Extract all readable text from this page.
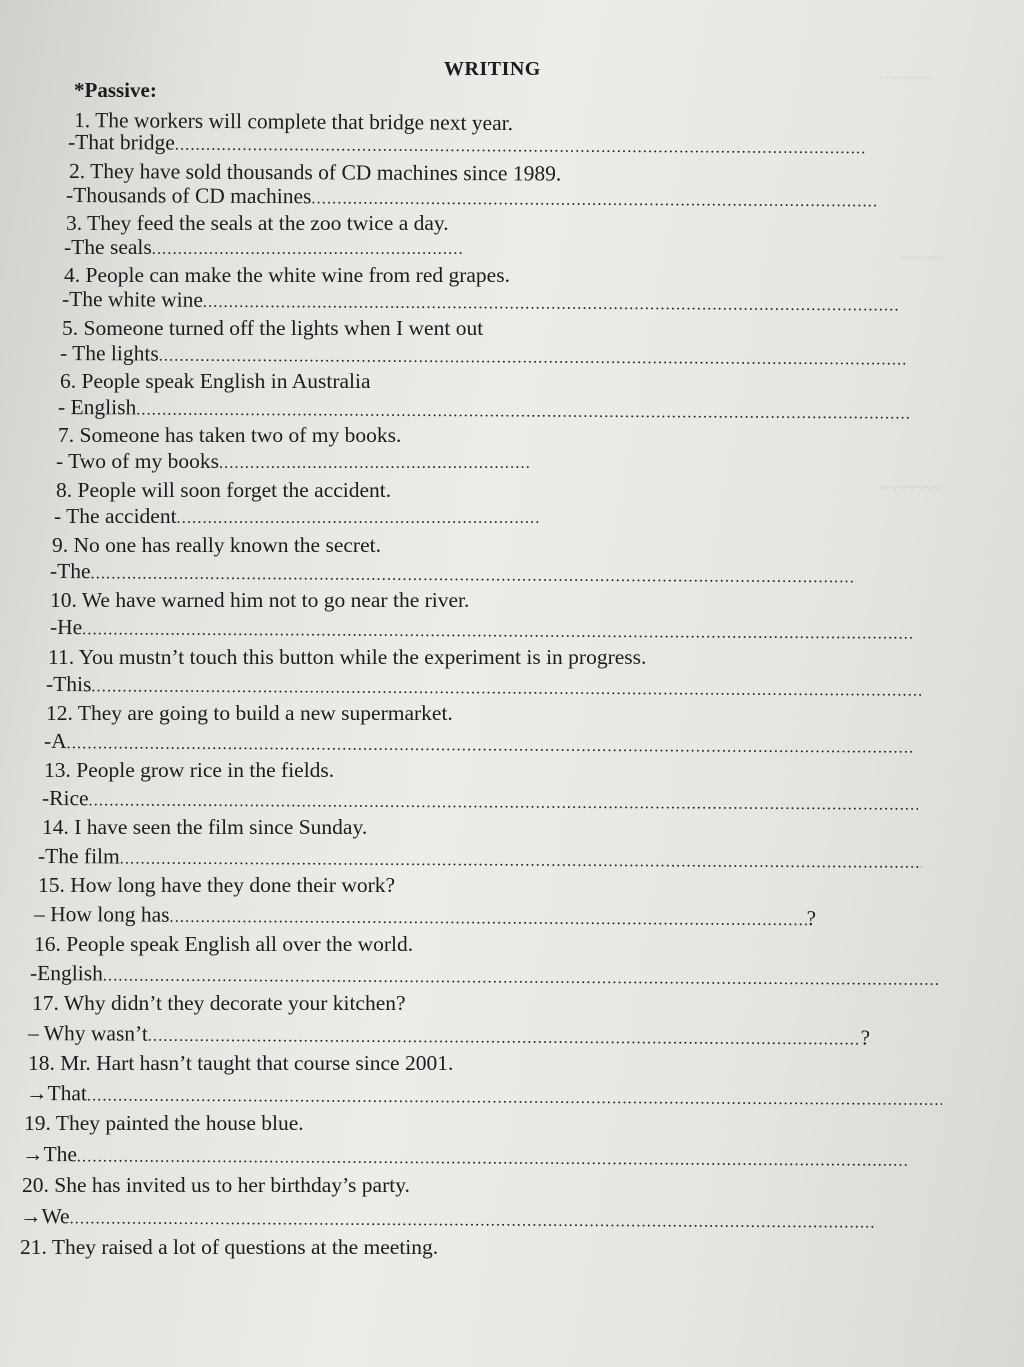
~~~~~~
~~~~~
~~~~~~~
WRITING
*Passive:
1. The workers will complete that bridge next year.
-That bridge
.....
2. They have sold thousands of CD machines since 1989.
-Thousands of CD machines
.....
3. They feed the seals at the zoo twice a day.
-The seals
.....
4. People can make the white wine from red grapes.
-The white wine
.....
5. Someone turned off the lights when I went out
- The lights
.....
6. People speak English in Australia
- English
.....
7. Someone has taken two of my books.
- Two of my books
.....
8. People will soon forget the accident.
- The accident
.....
9. No one has really known the secret.
-The
.....
10. We have warned him not to go near the river.
-He
.....
11. You mustn’t touch this button while the experiment is in progress.
-This
.....
12. They are going to build a new supermarket.
-A
.....
13. People grow rice in the fields.
-Rice
.....
14. I have seen the film since Sunday.
-The film
.....
15. How long have they done their work?
– How long has .....	?
16. People speak English all over the world.
-English
.....
17. Why didn’t they decorate your kitchen?
– Why wasn’t .....	?
18. Mr. Hart hasn’t taught that course since 2001.
→That
.....
19. They painted the house blue.
→The
.....
20. She has invited us to her birthday’s party.
→We
.....
21. They raised a lot of questions at the meeting.
